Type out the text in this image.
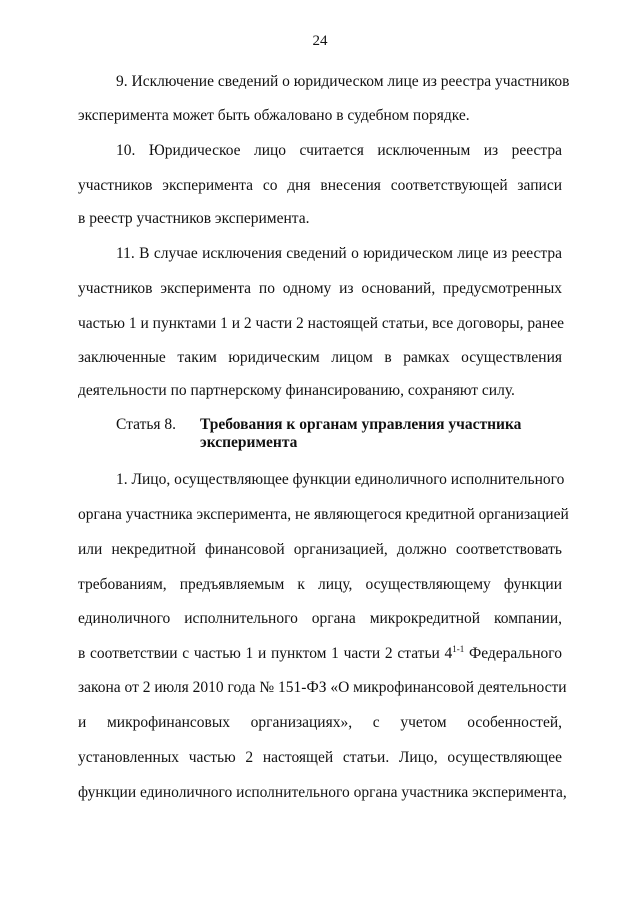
24
9. Исключение сведений о юридическом лице из реестра участников
эксперимента может быть обжаловано в судебном порядке.
10. Юридическое лицо считается исключенным из реестра
участников эксперимента со дня внесения соответствующей записи
в реестр участников эксперимента.
11. В случае исключения сведений о юридическом лице из реестра
участников эксперимента по одному из оснований, предусмотренных
частью 1 и пунктами 1 и 2 части 2 настоящей статьи, все договоры, ранее
заключенные таким юридическим лицом в рамках осуществления
деятельности по партнерскому финансированию, сохраняют силу.
Статья 8. Требования к органам управления участника эксперимента
1. Лицо, осуществляющее функции единоличного исполнительного
органа участника эксперимента, не являющегося кредитной организацией
или некредитной финансовой организацией, должно соответствовать
требованиям, предъявляемым к лицу, осуществляющему функции
единоличного исполнительного органа микрокредитной компании,
в соответствии с частью 1 и пунктом 1 части 2 статьи 4$^{1-1}$ Федерального
закона от 2 июля 2010 года № 151-ФЗ «О микрофинансовой деятельности
и микрофинансовых организациях», с учетом особенностей,
установленных частью 2 настоящей статьи. Лицо, осуществляющее
функции единоличного исполнительного органа участника эксперимента,
